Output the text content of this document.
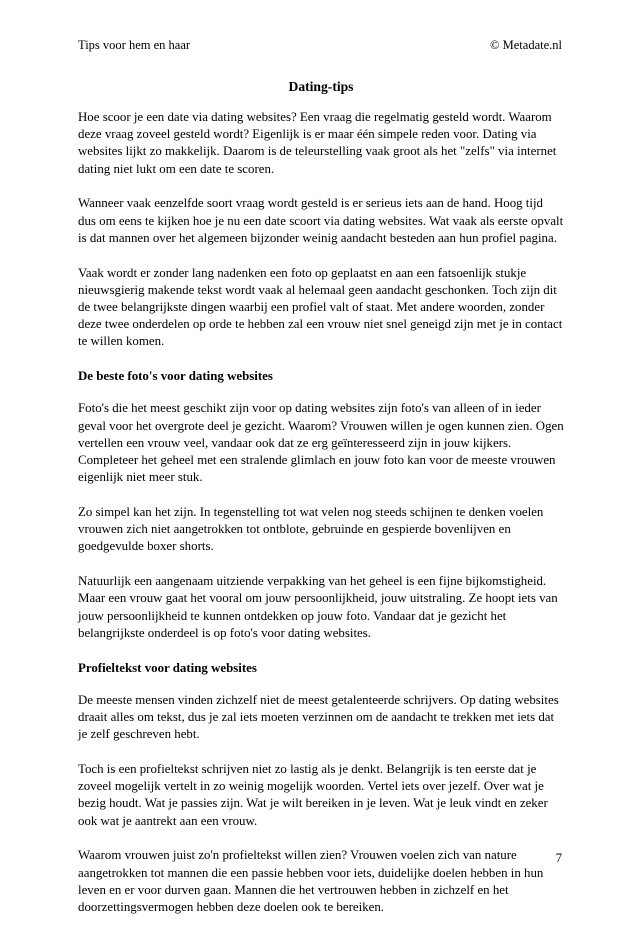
Tips voor hem en haar	© Metadate.nl
Dating-tips

Hoe scoor je een date via dating websites? Een vraag die regelmatig gesteld wordt. Waarom deze vraag zoveel gesteld wordt? Eigenlijk is er maar één simpele reden voor. Dating via websites lijkt zo makkelijk. Daarom is de teleurstelling vaak groot als het "zelfs" via internet dating niet lukt om een date te scoren.

Wanneer vaak eenzelfde soort vraag wordt gesteld is er serieus iets aan de hand. Hoog tijd dus om eens te kijken hoe je nu een date scoort via dating websites. Wat vaak als eerste opvalt is dat mannen over het algemeen bijzonder weinig aandacht besteden aan hun profiel pagina.

Vaak wordt er zonder lang nadenken een foto op geplaatst en aan een fatsoenlijk stukje nieuwsgierig makende tekst wordt vaak al helemaal geen aandacht geschonken. Toch zijn dit de twee belangrijkste dingen waarbij een profiel valt of staat. Met andere woorden, zonder deze twee onderdelen op orde te hebben zal een vrouw niet snel geneigd zijn met je in contact te willen komen.

De beste foto's voor dating websites

Foto's die het meest geschikt zijn voor op dating websites zijn foto's van alleen of in ieder geval voor het overgrote deel je gezicht. Waarom? Vrouwen willen je ogen kunnen zien. Ogen vertellen een vrouw veel, vandaar ook dat ze erg geïnteresseerd zijn in jouw kijkers. Completeer het geheel met een stralende glimlach en jouw foto kan voor de meeste vrouwen eigenlijk niet meer stuk.

Zo simpel kan het zijn. In tegenstelling tot wat velen nog steeds schijnen te denken voelen vrouwen zich niet aangetrokken tot ontblote, gebruinde en gespierde bovenlijven en goedgevulde boxer shorts.

Natuurlijk een aangenaam uitziende verpakking van het geheel is een fijne bijkomstigheid. Maar een vrouw gaat het vooral om jouw persoonlijkheid, jouw uitstraling. Ze hoopt iets van jouw persoonlijkheid te kunnen ontdekken op jouw foto. Vandaar dat je gezicht het belangrijkste onderdeel is op foto's voor dating websites.

Profieltekst voor dating websites

De meeste mensen vinden zichzelf niet de meest getalenteerde schrijvers. Op dating websites draait alles om tekst, dus je zal iets moeten verzinnen om de aandacht te trekken met iets dat je zelf geschreven hebt.

Toch is een profieltekst schrijven niet zo lastig als je denkt. Belangrijk is ten eerste dat je zoveel mogelijk vertelt in zo weinig mogelijk woorden. Vertel iets over jezelf. Over wat je bezig houdt. Wat je passies zijn. Wat je wilt bereiken in je leven. Wat je leuk vindt en zeker ook wat je aantrekt aan een vrouw.

Waarom vrouwen juist zo'n profieltekst willen zien? Vrouwen voelen zich van nature aangetrokken tot mannen die een passie hebben voor iets, duidelijke doelen hebben in hun leven en er voor durven gaan. Mannen die het vertrouwen hebben in zichzelf en het doorzettingsvermogen hebben deze doelen ook te bereiken.

7
